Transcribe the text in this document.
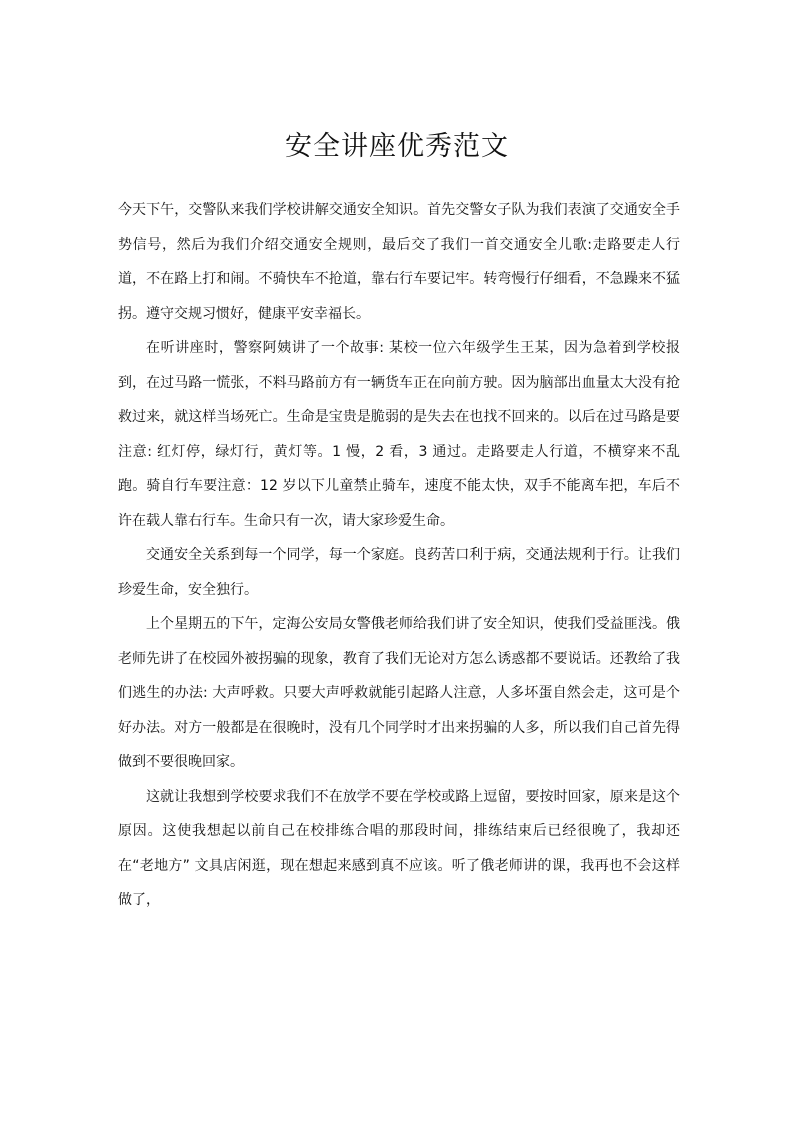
安全讲座优秀范文

今天下午，交警队来我们学校讲解交通安全知识。首先交警女子队为我们表演了交通安全手势信号，然后为我们介绍交通安全规则，最后交了我们一首交通安全儿歌:走路要走人行道，不在路上打和闹。不骑快车不抢道，靠右行车要记牢。转弯慢行仔细看，不急躁来不猛拐。遵守交规习惯好，健康平安幸福长。

在听讲座时，警察阿姨讲了一个故事: 某校一位六年级学生王某，因为急着到学校报到，在过马路一慌张，不料马路前方有一辆货车正在向前方驶。因为脑部出血量太大没有抢救过来，就这样当场死亡。生命是宝贵是脆弱的是失去在也找不回来的。以后在过马路是要注意: 红灯停，绿灯行，黄灯等。1 慢，2 看，3 通过。走路要走人行道，不横穿来不乱跑。骑自行车要注意：12 岁以下儿童禁止骑车，速度不能太快，双手不能离车把，车后不许在载人靠右行车。生命只有一次，请大家珍爱生命。

交通安全关系到每一个同学，每一个家庭。良药苦口利于病，交通法规利于行。让我们珍爱生命，安全独行。

上个星期五的下午，定海公安局女警俄老师给我们讲了安全知识，使我们受益匪浅。俄老师先讲了在校园外被拐骗的现象，教育了我们无论对方怎么诱惑都不要说话。还教给了我们逃生的办法: 大声呼救。只要大声呼救就能引起路人注意，人多坏蛋自然会走，这可是个好办法。对方一般都是在很晚时，没有几个同学时才出来拐骗的人多，所以我们自己首先得做到不要很晚回家。

这就让我想到学校要求我们不在放学不要在学校或路上逗留，要按时回家，原来是这个原因。这使我想起以前自己在校排练合唱的那段时间，排练结束后已经很晚了，我却还在“老地方” 文具店闲逛，现在想起来感到真不应该。听了俄老师讲的课，我再也不会这样做了，
